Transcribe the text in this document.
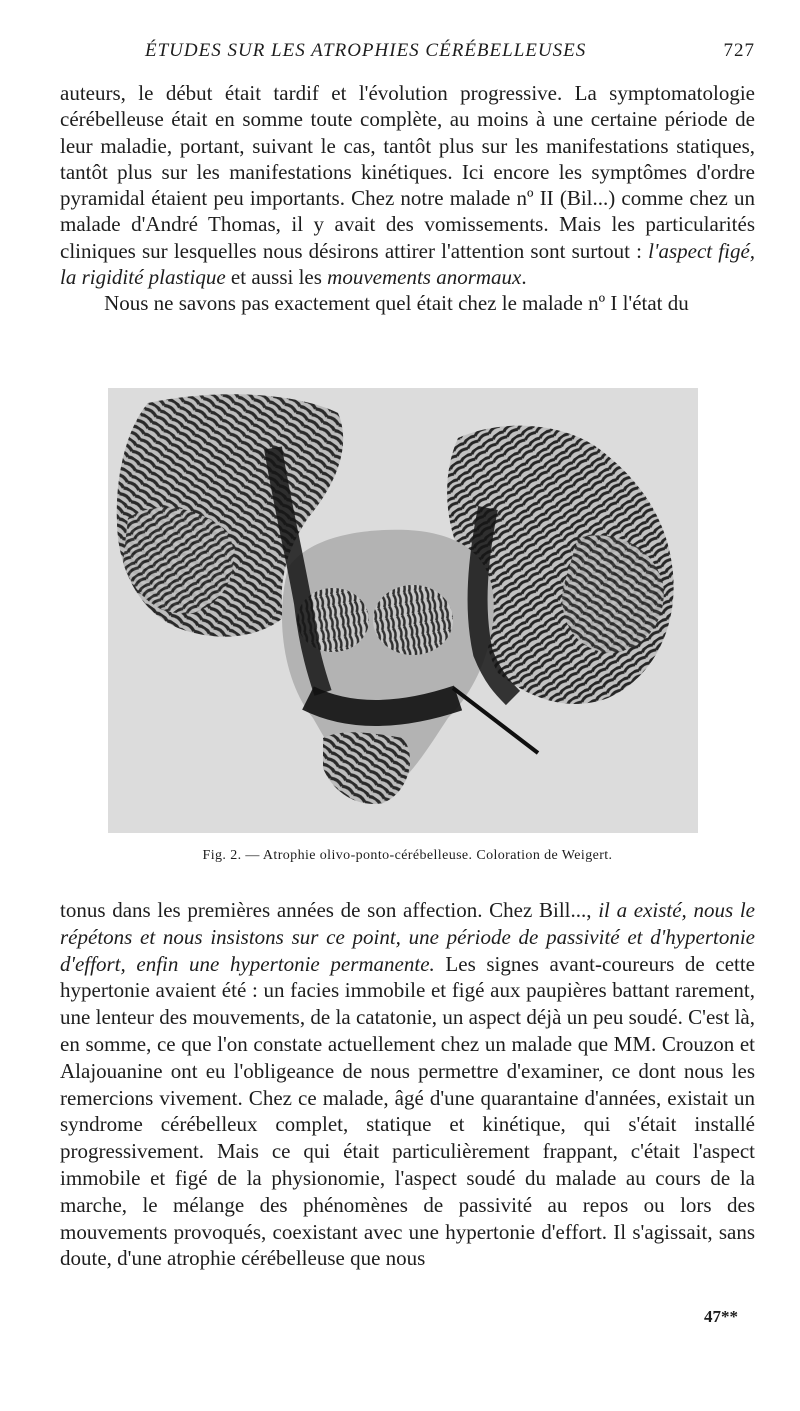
ÉTUDES SUR LES ATROPHIES CÉRÉBELLEUSES	727

auteurs, le début était tardif et l'évolution progressive. La symptomatologie cérébelleuse était en somme toute complète, au moins à une certaine période de leur maladie, portant, suivant le cas, tantôt plus sur les manifestations statiques, tantôt plus sur les manifestations kinétiques. Ici encore les symptômes d'ordre pyramidal étaient peu importants. Chez notre malade nº II (Bil...) comme chez un malade d'André Thomas, il y avait des vomissements. Mais les particularités cliniques sur lesquelles nous désirons attirer l'attention sont surtout : l'aspect figé, la rigidité plastique et aussi les mouvements anormaux.

Nous ne savons pas exactement quel était chez le malade nº I l'état du

Fig. 2. — Atrophie olivo-ponto-cérébelleuse. Coloration de Weigert.

tonus dans les premières années de son affection. Chez Bill..., il a existé, nous le répétons et nous insistons sur ce point, une période de passivité et d'hypertonie d'effort, enfin une hypertonie permanente. Les signes avant-coureurs de cette hypertonie avaient été : un facies immobile et figé aux paupières battant rarement, une lenteur des mouvements, de la catatonie, un aspect déjà un peu soudé. C'est là, en somme, ce que l'on constate actuellement chez un malade que MM. Crouzon et Alajouanine ont eu l'obligeance de nous permettre d'examiner, ce dont nous les remercions vivement. Chez ce malade, âgé d'une quarantaine d'années, existait un syndrome cérébelleux complet, statique et kinétique, qui s'était installé progressivement. Mais ce qui était particulièrement frappant, c'était l'aspect immobile et figé de la physionomie, l'aspect soudé du malade au cours de la marche, le mélange des phénomènes de passivité au repos ou lors des mouvements provoqués, coexistant avec une hypertonie d'effort. Il s'agissait, sans doute, d'une atrophie cérébelleuse que nous

47**
